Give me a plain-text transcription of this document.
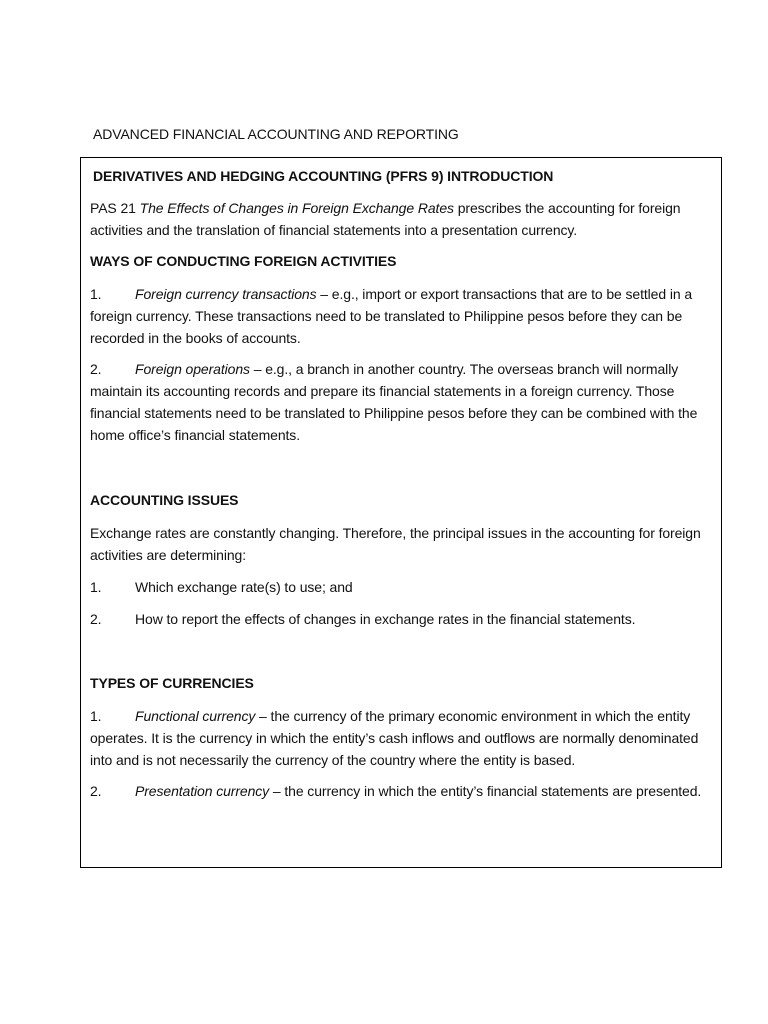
ADVANCED FINANCIAL ACCOUNTING AND REPORTING
DERIVATIVES AND HEDGING ACCOUNTING (PFRS 9) INTRODUCTION
PAS 21 The Effects of Changes in Foreign Exchange Rates prescribes the accounting for foreign activities and the translation of financial statements into a presentation currency.
WAYS OF CONDUCTING FOREIGN ACTIVITIES
1. Foreign currency transactions – e.g., import or export transactions that are to be settled in a foreign currency. These transactions need to be translated to Philippine pesos before they can be recorded in the books of accounts.
2. Foreign operations – e.g., a branch in another country. The overseas branch will normally maintain its accounting records and prepare its financial statements in a foreign currency. Those financial statements need to be translated to Philippine pesos before they can be combined with the home office’s financial statements.
ACCOUNTING ISSUES
Exchange rates are constantly changing. Therefore, the principal issues in the accounting for foreign activities are determining:
1. Which exchange rate(s) to use; and
2. How to report the effects of changes in exchange rates in the financial statements.
TYPES OF CURRENCIES
1. Functional currency – the currency of the primary economic environment in which the entity operates. It is the currency in which the entity’s cash inflows and outflows are normally denominated into and is not necessarily the currency of the country where the entity is based.
2. Presentation currency – the currency in which the entity’s financial statements are presented.
